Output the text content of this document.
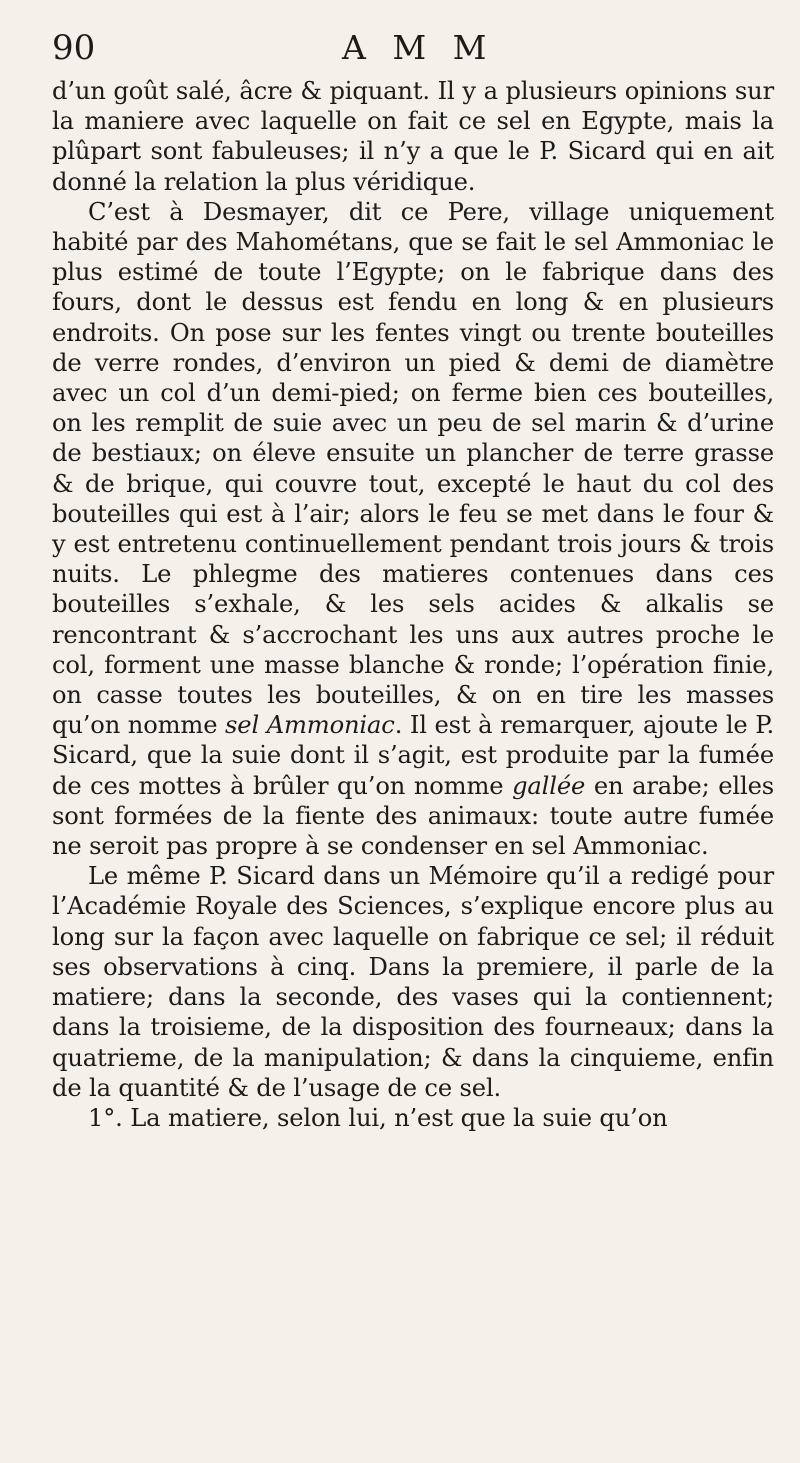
90	A M M

d’un goût salé, âcre & piquant. Il y a plusieurs opinions sur la maniere avec laquelle on fait ce sel en Egypte, mais la plûpart sont fabuleuses; il n’y a que le P. Sicard qui en ait donné la relation la plus véridique.

C’est à Desmayer, dit ce Pere, village uniquement habité par des Mahométans, que se fait le sel Ammoniac le plus estimé de toute l’Egypte; on le fabrique dans des fours, dont le dessus est fendu en long & en plusieurs endroits. On pose sur les fentes vingt ou trente bouteilles de verre rondes, d’environ un pied & demi de diamètre avec un col d’un demi-pied; on ferme bien ces bouteilles, on les remplit de suie avec un peu de sel marin & d’urine de bestiaux; on éleve ensuite un plancher de terre grasse & de brique, qui couvre tout, excepté le haut du col des bouteilles qui est à l’air; alors le feu se met dans le four & y est entretenu continuellement pendant trois jours & trois nuits. Le phlegme des matieres contenues dans ces bouteilles s’exhale, & les sels acides & alkalis se rencontrant & s’accrochant les uns aux autres proche le col, forment une masse blanche & ronde; l’opération finie, on casse toutes les bouteilles, & on en tire les masses qu’on nomme sel Ammoniac. Il est à remarquer, ajoute le P. Sicard, que la suie dont il s’agit, est produite par la fumée de ces mottes à brûler qu’on nomme gallée en arabe; elles sont formées de la fiente des animaux: toute autre fumée ne seroit pas propre à se condenser en sel Ammoniac.

Le même P. Sicard dans un Mémoire qu’il a redigé pour l’Académie Royale des Sciences, s’explique encore plus au long sur la façon avec laquelle on fabrique ce sel; il réduit ses observations à cinq. Dans la premiere, il parle de la matiere; dans la seconde, des vases qui la contiennent; dans la troisieme, de la disposition des fourneaux; dans la quatrieme, de la manipulation; & dans la cinquieme, enfin de la quantité & de l’usage de ce sel.

1°. La matiere, selon lui, n’est que la suie qu’on
